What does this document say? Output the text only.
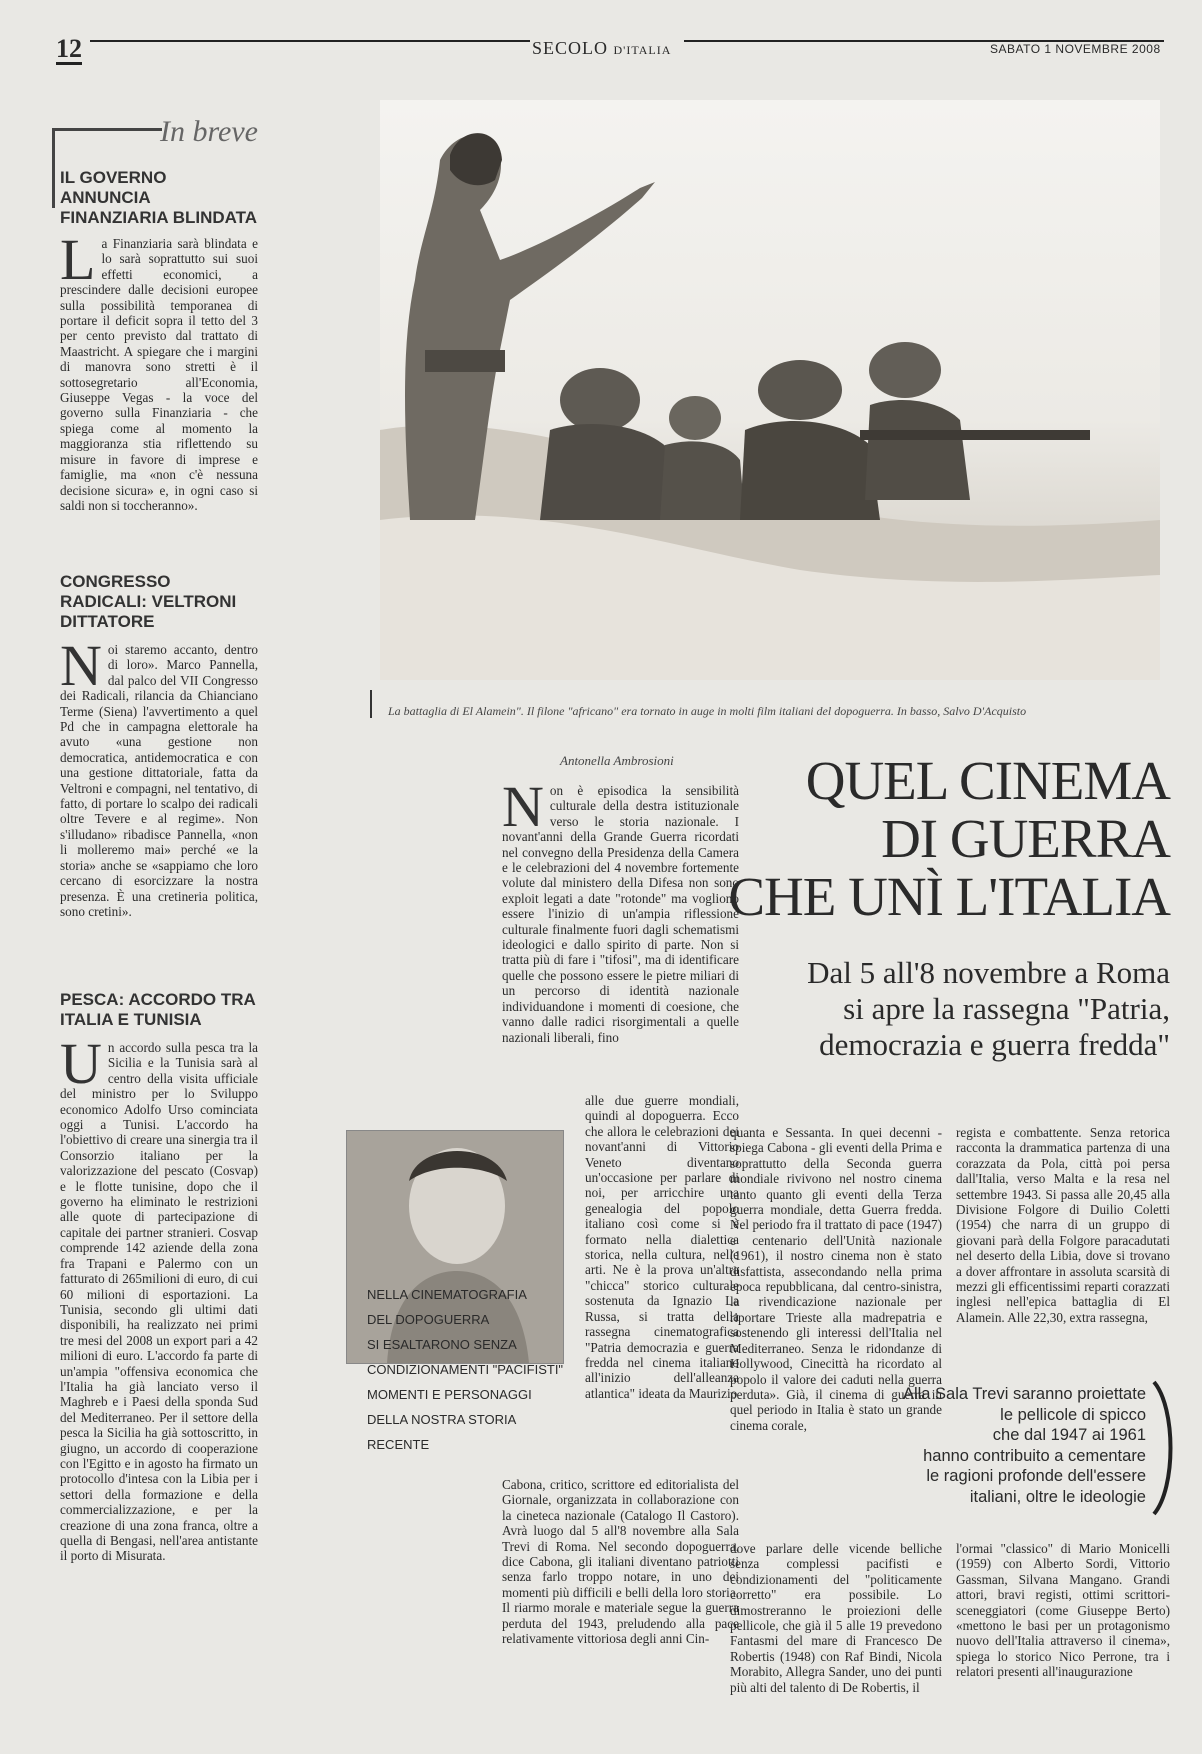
12	SECOLO D'ITALIA	SABATO 1 NOVEMBRE 2008
In breve
IL GOVERNO ANNUNCIA FINANZIARIA BLINDATA
L a Finanziaria sarà blindata e lo sarà soprattutto sui suoi effetti economici, a prescindere dalle decisioni europee sulla possibilità temporanea di portare il deficit sopra il tetto del 3 per cento previsto dal trattato di Maastricht. A spiegare che i margini di manovra sono stretti è il sottosegretario all'Economia, Giuseppe Vegas - la voce del governo sulla Finanziaria - che spiega come al momento la maggioranza stia riflettendo su misure in favore di imprese e famiglie, ma «non c'è nessuna decisione sicura» e, in ogni caso si saldi non si toccheranno».
CONGRESSO RADICALI: VELTRONI DITTATORE
N oi staremo accanto, dentro di loro». Marco Pannella, dal palco del VII Congresso dei Radicali, rilancia da Chianciano Terme (Siena) l'avvertimento a quel Pd che in campagna elettorale ha avuto «una gestione non democratica, antidemocratica e con una gestione dittatoriale, fatta da Veltroni e compagni, nel tentativo, di fatto, di portare lo scalpo dei radicali oltre Tevere e al regime». Non s'illudano» ribadisce Pannella, «non li molleremo mai» perché «e la storia» anche se «sappiamo che loro cercano di esorcizzare la nostra presenza. È una cretineria politica, sono cretini».
PESCA: ACCORDO TRA ITALIA E TUNISIA
U n accordo sulla pesca tra la Sicilia e la Tunisia sarà al centro della visita ufficiale del ministro per lo Sviluppo economico Adolfo Urso cominciata oggi a Tunisi. L'accordo ha l'obiettivo di creare una sinergia tra il Consorzio italiano per la valorizzazione del pescato (Cosvap) e le flotte tunisine, dopo che il governo ha eliminato le restrizioni alle quote di partecipazione di capitale dei partner stranieri. Cosvap comprende 142 aziende della zona fra Trapani e Palermo con un fatturato di 265milioni di euro, di cui 60 milioni di esportazioni. La Tunisia, secondo gli ultimi dati disponibili, ha realizzato nei primi tre mesi del 2008 un export pari a 42 milioni di euro. L'accordo fa parte di un'ampia "offensiva economica che l'Italia ha già lanciato verso il Maghreb e i Paesi della sponda Sud del Mediterraneo. Per il settore della pesca la Sicilia ha già sottoscritto, in giugno, un accordo di cooperazione con l'Egitto e in agosto ha firmato un protocollo d'intesa con la Libia per i settori della formazione e della commercializzazione, e per la creazione di una zona franca, oltre a quella di Bengasi, nell'area antistante il porto di Misurata.
La battaglia di El Alamein". Il filone "africano" era tornato in auge in molti film italiani del dopoguerra. In basso, Salvo D'Acquisto
Antonella Ambrosioni	QUEL CINEMA
DI GUERRA
CHE UNÌ L'ITALIA
Dal 5 all'8 novembre a Roma
si apre la rassegna "Patria,
democrazia e guerra fredda"
N on è episodica la sensibilità culturale della destra istituzionale verso le storia nazionale. I novant'anni della Grande Guerra ricordati nel convegno della Presidenza della Camera e le celebrazioni del 4 novembre fortemente volute dal ministero della Difesa non sono exploit legati a date "rotonde" ma vogliono essere l'inizio di un'ampia riflessione culturale finalmente fuori dagli schematismi ideologici e dallo spirito di parte. Non si tratta più di fare i "tifosi", ma di identificare quelle che possono essere le pietre miliari di un percorso di identità nazionale individuandone i momenti di coesione, che vanno dalle radici risorgimentali a quelle nazionali liberali, fino
alle due guerre mondiali, quindi al dopoguerra. Ecco che allora le celebrazioni dei novant'anni di Vittorio Veneto diventano un'occasione per parlare di noi, per arricchire una genealogia del popolo italiano così come si è formato nella dialettica storica, nella cultura, nelle arti. Ne è la prova un'altra "chicca" storico culturale sostenuta da Ignazio La Russa, si tratta della rassegna cinematografica "Patria democrazia e guerra fredda nel cinema italiano all'inizio dell'alleanza atlantica" ideata da Maurizio
Cabona, critico, scrittore ed editorialista del Giornale, organizzata in collaborazione con la cineteca nazionale (Catalogo Il Castoro). Avrà luogo dal 5 all'8 novembre alla Sala Trevi di Roma. Nel secondo dopoguerra, dice Cabona, gli italiani diventano patriotti senza farlo troppo notare, in uno dei momenti più difficili e belli della loro storia. Il riarmo morale e materiale segue la guerra perduta del 1943, preludendo alla pace relativamente vittoriosa degli anni Cin-
NELLA CINEMATOGRAFIA
DEL DOPOGUERRA
SI ESALTARONO SENZA
CONDIZIONAMENTI "PACIFISTI"
MOMENTI E PERSONAGGI
DELLA NOSTRA STORIA RECENTE
quanta e Sessanta. In quei decenni - spiega Cabona - gli eventi della Prima e soprattutto della Seconda guerra mondiale rivivono nel nostro cinema tanto quanto gli eventi della Terza guerra mondiale, detta Guerra fredda. Nel periodo fra il trattato di pace (1947) e centenario dell'Unità nazionale (1961), il nostro cinema non è stato disfattista, assecondando nella prima epoca repubblicana, dal centro-sinistra, la rivendicazione nazionale per riportare Trieste alla madrepatria e sostenendo gli interessi dell'Italia nel Mediterraneo. Senza le ridondanze di Hollywood, Cinecittà ha ricordato al popolo il valore dei caduti nella guerra perduta». Già, il cinema di guerra in quel periodo in Italia è stato un grande cinema corale,
dove parlare delle vicende belliche senza complessi pacifisti e condizionamenti del "politicamente corretto" era possibile. Lo dimostreranno le proiezioni delle pellicole, che già il 5 alle 19 prevedono Fantasmi del mare di Francesco De Robertis (1948) con Raf Bindi, Nicola Morabito, Allegra Sander, uno dei punti più alti del talento di De Robertis, il
regista e combattente. Senza retorica racconta la drammatica partenza di una corazzata da Pola, città poi persa dall'Italia, verso Malta e la resa nel settembre 1943. Si passa alle 20,45 alla Divisione Folgore di Duilio Coletti (1954) che narra di un gruppo di giovani parà della Folgore paracadutati nel deserto della Libia, dove si trovano a dover affrontare in assoluta scarsità di mezzi gli efficentissimi reparti corazzati inglesi nell'epica battaglia di El Alamein. Alle 22,30, extra rassegna,
Alla Sala Trevi saranno proiettate
le pellicole di spicco
che dal 1947 ai 1961
hanno contribuito a cementare
le ragioni profonde dell'essere
italiani, oltre le ideologie
l'ormai "classico" di Mario Monicelli (1959) con Alberto Sordi, Vittorio Gassman, Silvana Mangano. Grandi attori, bravi registi, ottimi scrittori-sceneggiatori (come Giuseppe Berto) «mettono le basi per un protagonismo nuovo dell'Italia attraverso il cinema», spiega lo storico Nico Perrone, tra i relatori presenti all'inaugurazione
